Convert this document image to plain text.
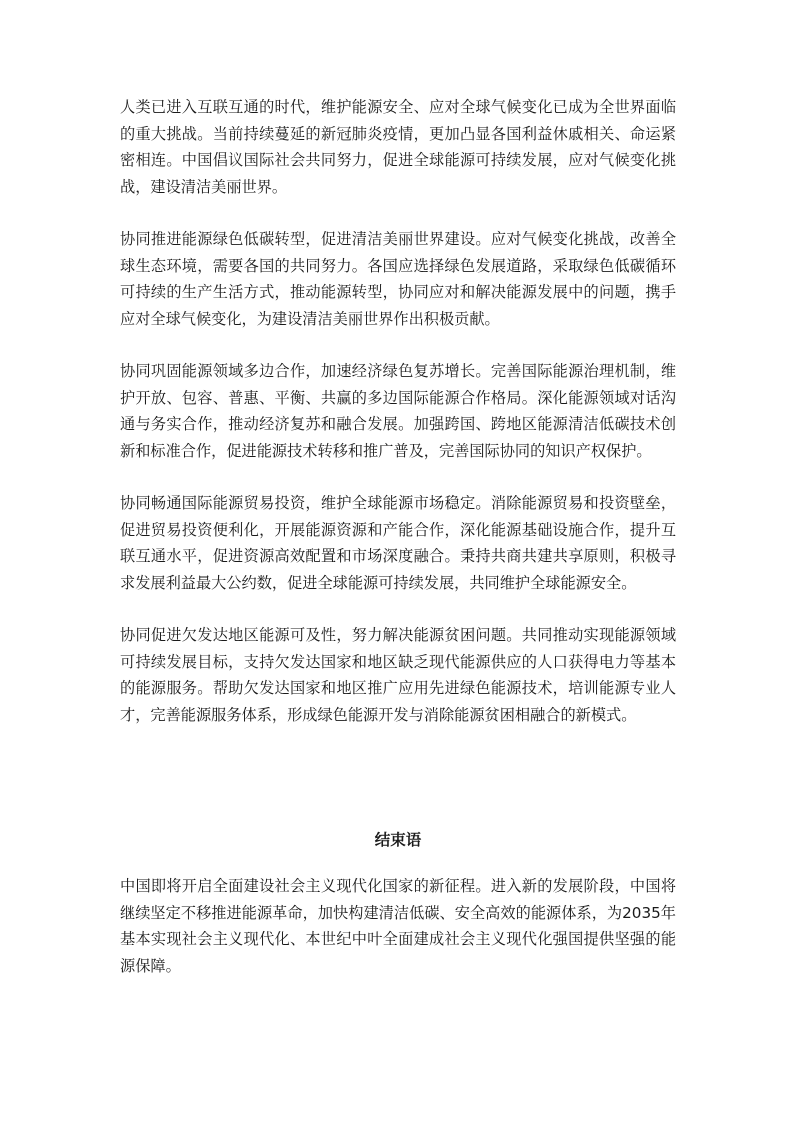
人类已进入互联互通的时代，维护能源安全、应对全球气候变化已成为全世界面临的重大挑战。当前持续蔓延的新冠肺炎疫情，更加凸显各国利益休戚相关、命运紧密相连。中国倡议国际社会共同努力，促进全球能源可持续发展，应对气候变化挑战，建设清洁美丽世界。

协同推进能源绿色低碳转型，促进清洁美丽世界建设。应对气候变化挑战，改善全球生态环境，需要各国的共同努力。各国应选择绿色发展道路，采取绿色低碳循环可持续的生产生活方式，推动能源转型，协同应对和解决能源发展中的问题，携手应对全球气候变化，为建设清洁美丽世界作出积极贡献。

协同巩固能源领域多边合作，加速经济绿色复苏增长。完善国际能源治理机制，维护开放、包容、普惠、平衡、共赢的多边国际能源合作格局。深化能源领域对话沟通与务实合作，推动经济复苏和融合发展。加强跨国、跨地区能源清洁低碳技术创新和标准合作，促进能源技术转移和推广普及，完善国际协同的知识产权保护。

协同畅通国际能源贸易投资，维护全球能源市场稳定。消除能源贸易和投资壁垒，促进贸易投资便利化，开展能源资源和产能合作，深化能源基础设施合作，提升互联互通水平，促进资源高效配置和市场深度融合。秉持共商共建共享原则，积极寻求发展利益最大公约数，促进全球能源可持续发展，共同维护全球能源安全。

协同促进欠发达地区能源可及性，努力解决能源贫困问题。共同推动实现能源领域可持续发展目标，支持欠发达国家和地区缺乏现代能源供应的人口获得电力等基本的能源服务。帮助欠发达国家和地区推广应用先进绿色能源技术，培训能源专业人才，完善能源服务体系，形成绿色能源开发与消除能源贫困相融合的新模式。

结束语

中国即将开启全面建设社会主义现代化国家的新征程。进入新的发展阶段，中国将继续坚定不移推进能源革命，加快构建清洁低碳、安全高效的能源体系，为2035年基本实现社会主义现代化、本世纪中叶全面建成社会主义现代化强国提供坚强的能源保障。
